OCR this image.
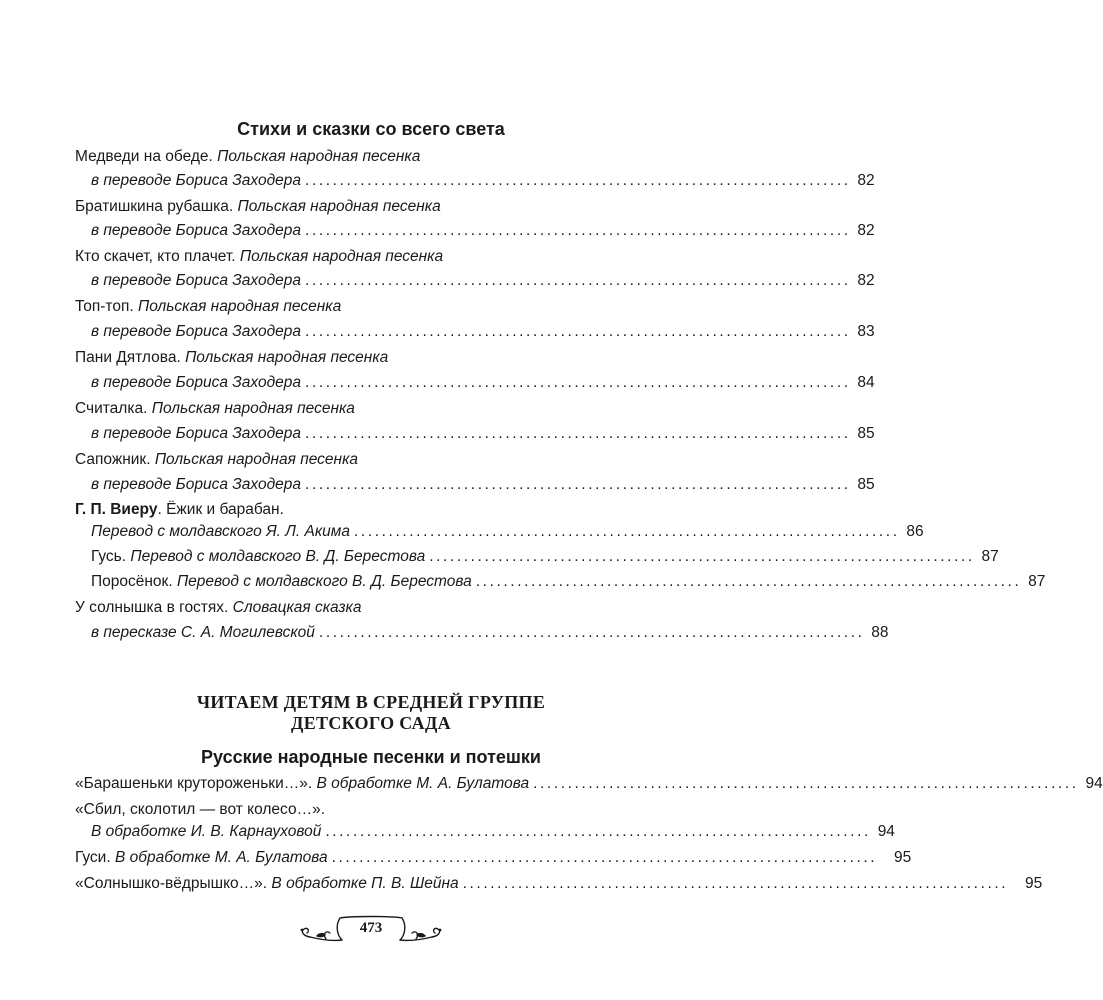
Стихи и сказки со всего света
Медведи на обеде. Польская народная песенка
в переводе Бориса Заходера ............................................................................... 82
Братишкина рубашка. Польская народная песенка
в переводе Бориса Заходера ............................................................................... 82
Кто скачет, кто плачет. Польская народная песенка
в переводе Бориса Заходера ............................................................................... 82
Топ-топ. Польская народная песенка
в переводе Бориса Заходера ............................................................................... 83
Пани Дятлова. Польская народная песенка
в переводе Бориса Заходера ............................................................................... 84
Считалка. Польская народная песенка
в переводе Бориса Заходера ............................................................................... 85
Сапожник. Польская народная песенка
в переводе Бориса Заходера ............................................................................... 85
Г. П. Виеру. Ёжик и барабан.
Перевод с молдавского Я. Л. Акима ............................................................................... 86
Гусь.
Перевод с молдавского В. Д. Берестова ............................................................................... 87
Поросёнок.
Перевод с молдавского В. Д. Берестова ............................................................................... 87
У солнышка в гостях. Словацкая сказка
в пересказе С. А. Могилевской ............................................................................... 88
ЧИТАЕМ ДЕТЯМ В СРЕДНЕЙ ГРУППЕ
ДЕТСКОГО САДА
Русские народные песенки и потешки
«Барашеньки крутороженьки…».
В обработке М. А. Булатова ............................................................................... 94
«Сбил, сколотил — вот колесо…».
В обработке И. В. Карнауховой ............................................................................... 94
Гуси.
В обработке М. А. Булатова ............................................................................... 95
«Солнышко-вёдрышко…».
В обработке П. В. Шейна ............................................................................... 95
473
